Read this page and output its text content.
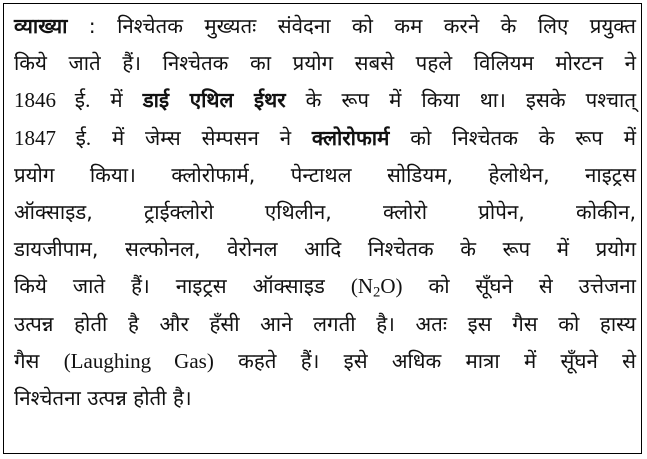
व्याख्या : निश्चेतक मुख्यतः संवेदना को कम करने के लिए प्रयुक्त
किये जाते हैं। निश्चेतक का प्रयोग सबसे पहले विलियम मोरटन ने
1846 ई. में डाई एथिल ईथर के रूप में किया था। इसके पश्चात्
1847 ई. में जेम्स सेम्पसन ने क्लोरोफार्म को निश्चेतक के रूप में
प्रयोग किया। क्लोरोफार्म, पेन्टाथल सोडियम, हेलोथेन, नाइट्रस
ऑक्साइड, ट्राईक्लोरो एथिलीन, क्लोरो प्रोपेन, कोकीन,
डायजीपाम, सल्फोनल, वेरोनल आदि निश्चेतक के रूप में प्रयोग
किये जाते हैं। नाइट्रस ऑक्साइड $(N_2O)$ को सूँघने से उत्तेजना
उत्पन्न होती है और हँसी आने लगती है। अतः इस गैस को हास्य
गैस (Laughing Gas) कहते हैं। इसे अधिक मात्रा में सूँघने से
निश्चेतना उत्पन्न होती है।
